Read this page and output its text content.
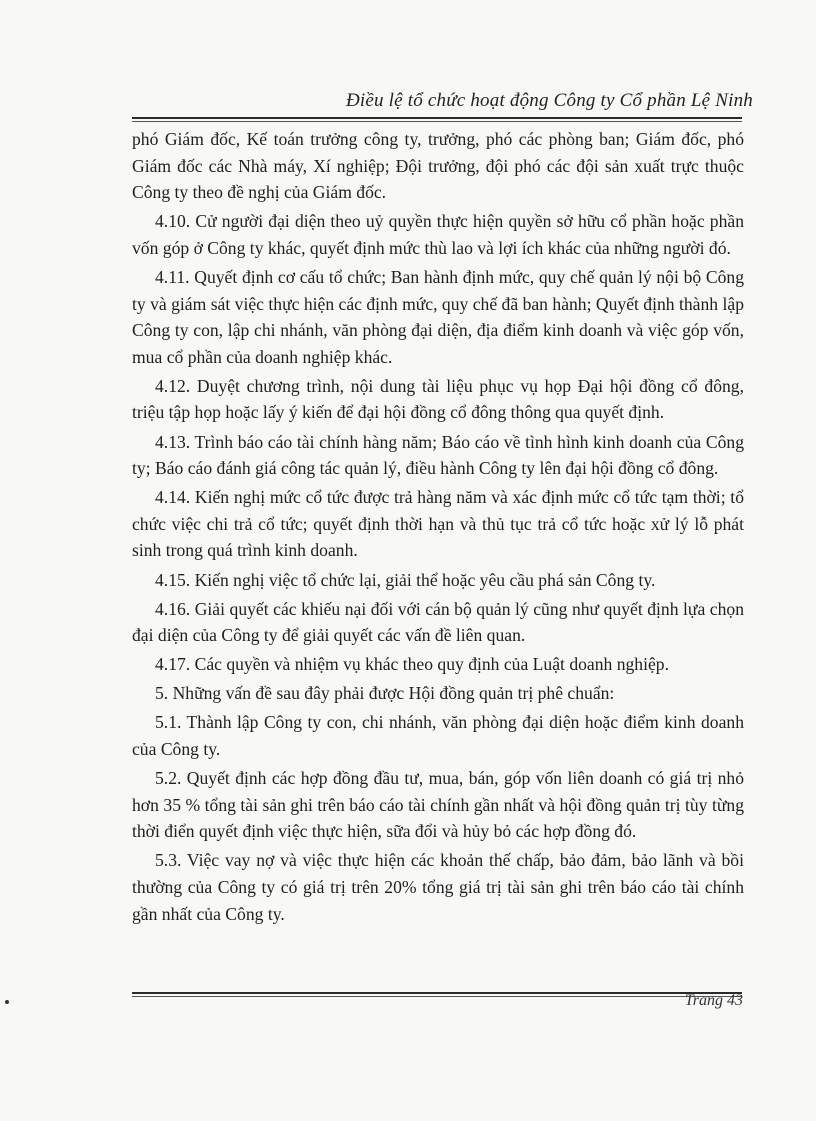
Điều lệ tổ chức hoạt động Công ty Cổ phần Lệ Ninh

phó Giám đốc, Kế toán trưởng công ty, trưởng, phó các phòng ban; Giám đốc, phó Giám đốc các Nhà máy, Xí nghiệp; Đội trưởng, đội phó các đội sản xuất trực thuộc Công ty theo đề nghị của Giám đốc.

4.10. Cử người đại diện theo uỷ quyền thực hiện quyền sở hữu cổ phần hoặc phần vốn góp ở Công ty khác, quyết định mức thù lao và lợi ích khác của những người đó.

4.11. Quyết định cơ cấu tổ chức; Ban hành định mức, quy chế quản lý nội bộ Công ty và giám sát việc thực hiện các định mức, quy chế đã ban hành; Quyết định thành lập Công ty con, lập chi nhánh, văn phòng đại diện, địa điểm kinh doanh và việc góp vốn, mua cổ phần của doanh nghiệp khác.

4.12. Duyệt chương trình, nội dung tài liệu phục vụ họp Đại hội đồng cổ đông, triệu tập họp hoặc lấy ý kiến để đại hội đồng cổ đông thông qua quyết định.

4.13. Trình báo cáo tài chính hàng năm; Báo cáo về tình hình kinh doanh của Công ty; Báo cáo đánh giá công tác quản lý, điều hành Công ty lên đại hội đồng cổ đông.

4.14. Kiến nghị mức cổ tức được trả hàng năm và xác định mức cổ tức tạm thời; tổ chức việc chi trả cổ tức; quyết định thời hạn và thủ tục trả cổ tức hoặc xử lý lỗ phát sinh trong quá trình kinh doanh.

4.15. Kiến nghị việc tổ chức lại, giải thể hoặc yêu cầu phá sản Công ty.

4.16. Giải quyết các khiếu nại đối với cán bộ quản lý cũng như quyết định lựa chọn đại diện của Công ty để giải quyết các vấn đề liên quan.

4.17. Các quyền và nhiệm vụ khác theo quy định của Luật doanh nghiệp.

5. Những vấn đề sau đây phải được Hội đồng quản trị phê chuẩn:

5.1. Thành lập Công ty con, chi nhánh, văn phòng đại diện hoặc điểm kinh doanh của Công ty.

5.2. Quyết định các hợp đồng đầu tư, mua, bán, góp vốn liên doanh có giá trị nhỏ hơn 35 % tổng tài sản ghi trên báo cáo tài chính gần nhất và hội đồng quản trị tùy từng thời điển quyết định việc thực hiện, sữa đổi và hủy bỏ các hợp đồng đó.

5.3. Việc vay nợ và việc thực hiện các khoản thế chấp, bảo đảm, bảo lãnh và bồi thường của Công ty có giá trị trên 20% tổng giá trị tài sản ghi trên báo cáo tài chính gần nhất của Công ty.

Trang 43
